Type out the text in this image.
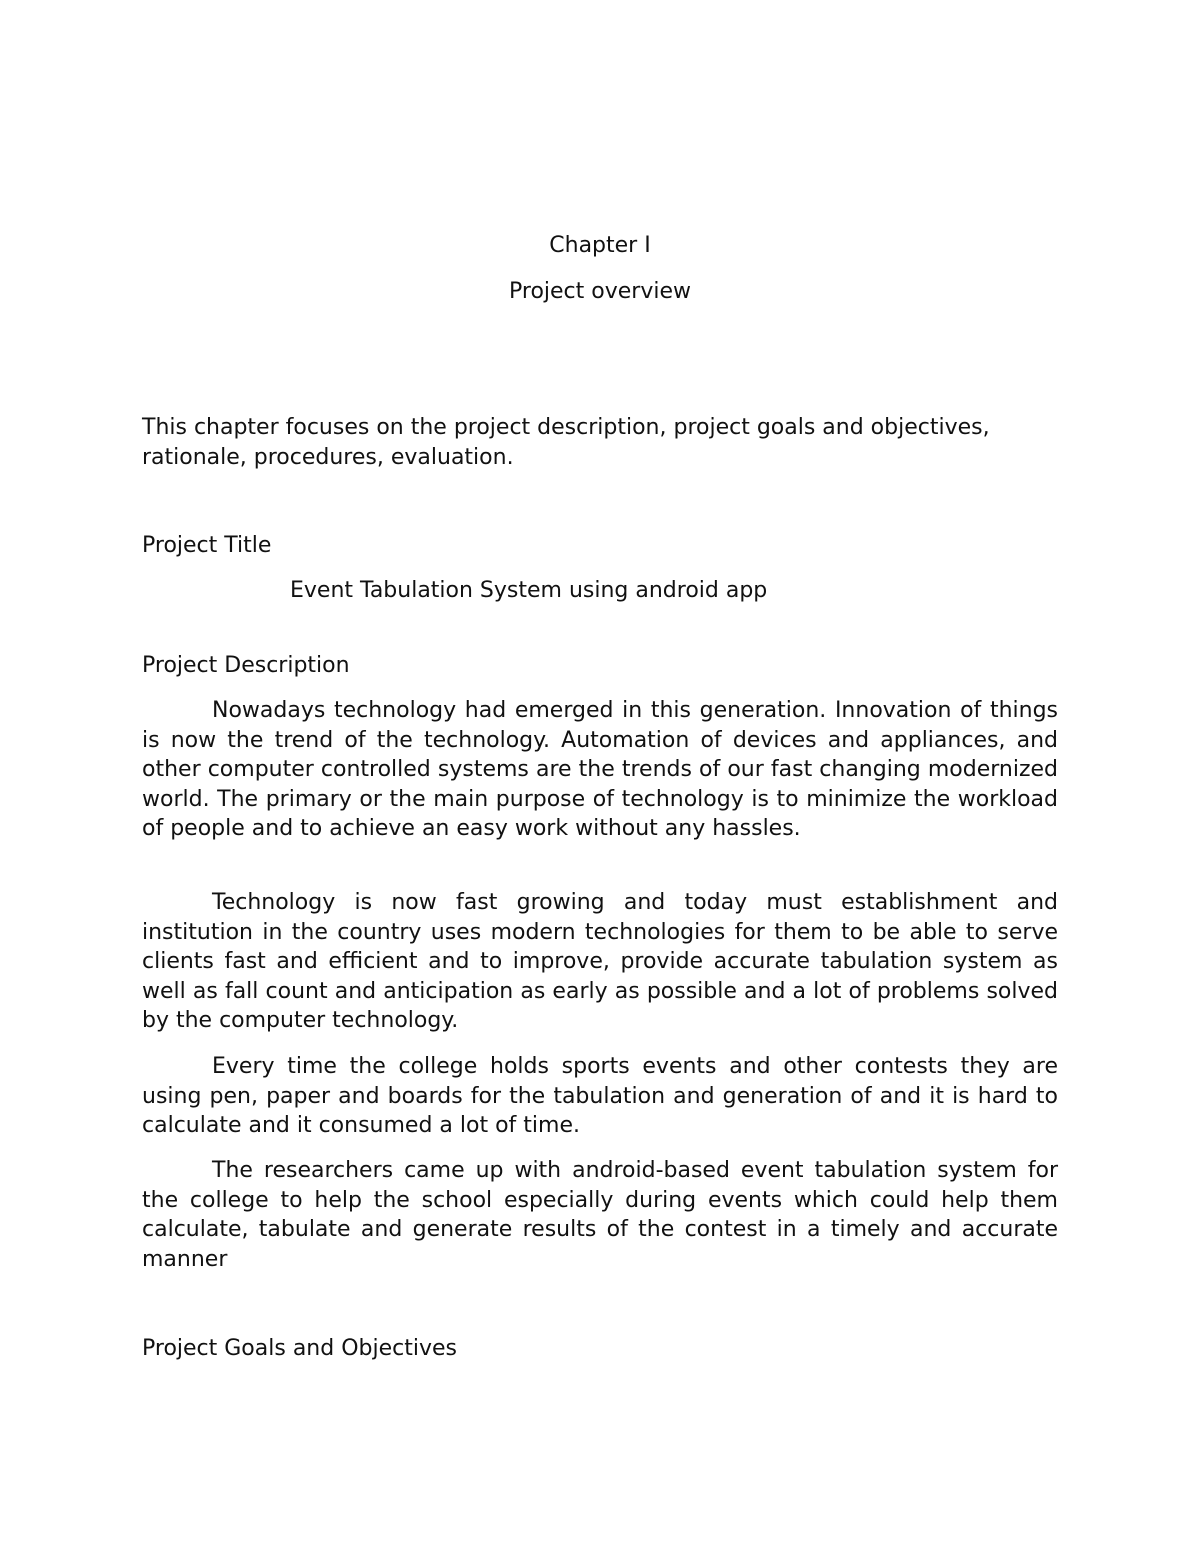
Chapter I
Project overview
This chapter focuses on the project description, project goals and objectives, rationale, procedures, evaluation.
Project Title
Event Tabulation System using android app
Project Description
Nowadays technology had emerged in this generation. Innovation of things is now the trend of the technology. Automation of devices and appliances, and other computer controlled systems are the trends of our fast changing modernized world. The primary or the main purpose of technology is to minimize the workload of people and to achieve an easy work without any hassles.
Technology is now fast growing and today must establishment and institution in the country uses modern technologies for them to be able to serve clients fast and efficient and to improve, provide accurate tabulation system as well as fall count and anticipation as early as possible and a lot of problems solved by the computer technology.
Every time the college holds sports events and other contests they are using pen, paper and boards for the tabulation and generation of and it is hard to calculate and it consumed a lot of time.
The researchers came up with android-based event tabulation system for the college to help the school especially during events which could help them calculate, tabulate and generate results of the contest in a timely and accurate manner
Project Goals and Objectives
